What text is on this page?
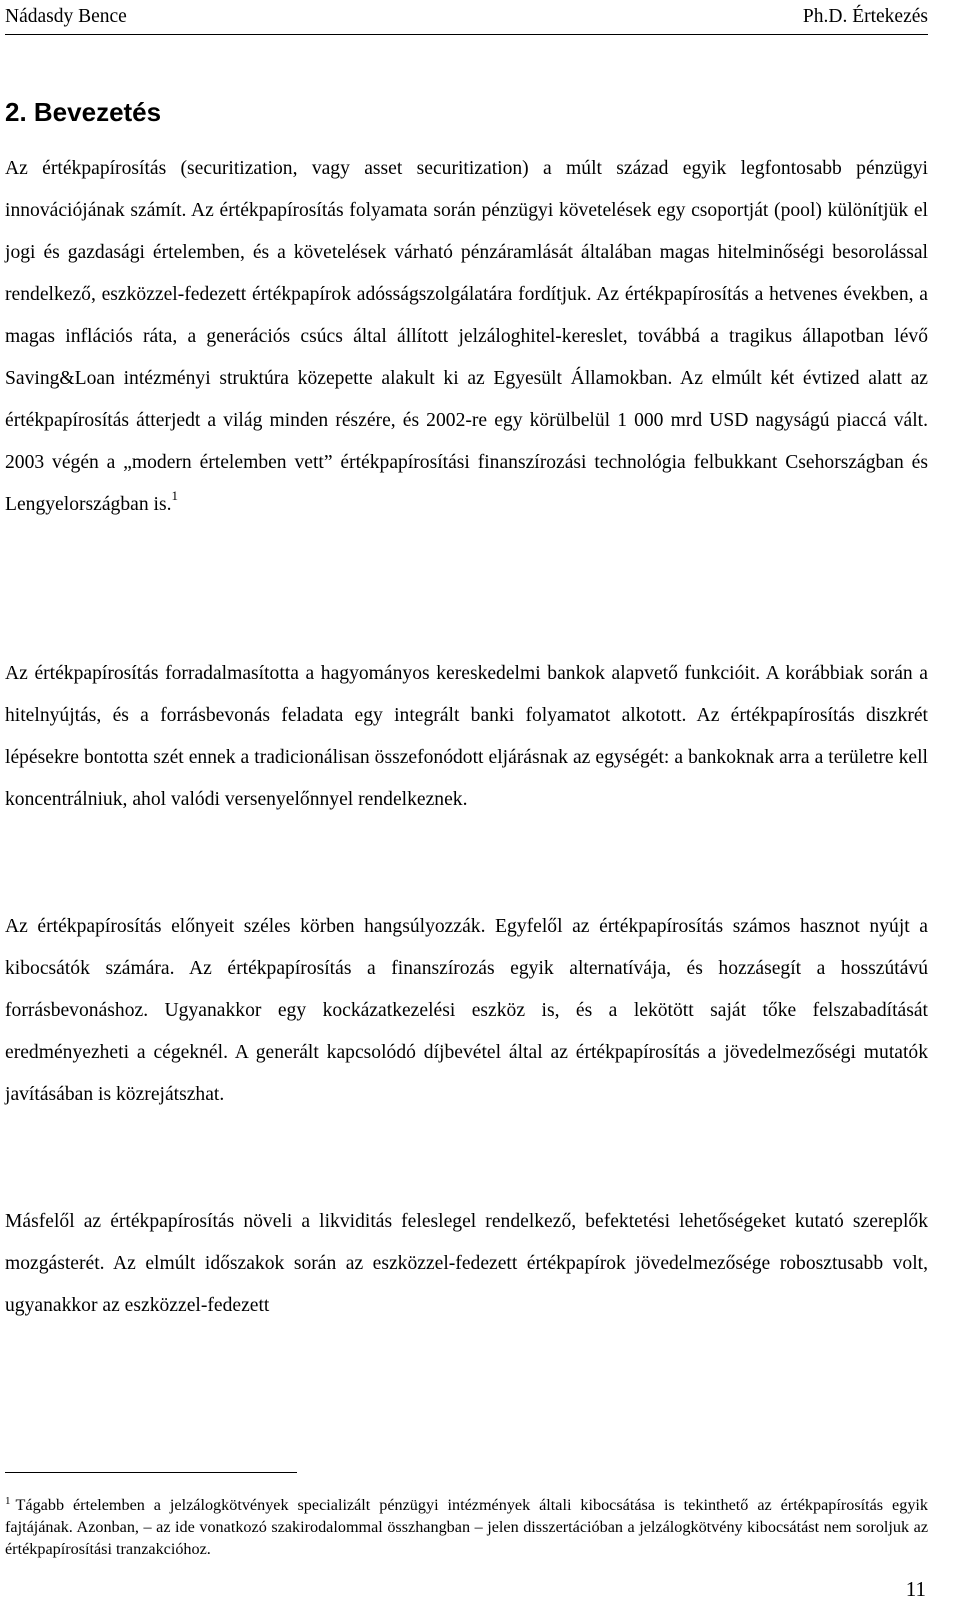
Nádasdy Bence	Ph.D. Értekezés
2. Bevezetés

Az értékpapírosítás (securitization, vagy asset securitization) a múlt század egyik legfontosabb pénzügyi innovációjának számít. Az értékpapírosítás folyamata során pénzügyi követelések egy csoportját (pool) különítjük el jogi és gazdasági értelemben, és a követelések várható pénzáramlását általában magas hitelminőségi besorolással rendelkező, eszközzel-fedezett értékpapírok adósságszolgálatára fordítjuk. Az értékpapírosítás a hetvenes években, a magas inflációs ráta, a generációs csúcs által állított jelzáloghitel-kereslet, továbbá a tragikus állapotban lévő Saving&Loan intézményi struktúra közepette alakult ki az Egyesült Államokban. Az elmúlt két évtized alatt az értékpapírosítás átterjedt a világ minden részére, és 2002-re egy körülbelül 1 000 mrd USD nagyságú piaccá vált. 2003 végén a „modern értelemben vett” értékpapírosítási finanszírozási technológia felbukkant Csehországban és Lengyelországban is.$^1$

Az értékpapírosítás forradalmasította a hagyományos kereskedelmi bankok alapvető funkcióit. A korábbiak során a hitelnyújtás, és a forrásbevonás feladata egy integrált banki folyamatot alkotott. Az értékpapírosítás diszkrét lépésekre bontotta szét ennek a tradicionálisan összefonódott eljárásnak az egységét: a bankoknak arra a területre kell koncentrálniuk, ahol valódi versenyelőnnyel rendelkeznek.

Az értékpapírosítás előnyeit széles körben hangsúlyozzák. Egyfelől az értékpapírosítás számos hasznot nyújt a kibocsátók számára. Az értékpapírosítás a finanszírozás egyik alternatívája, és hozzásegít a hosszútávú forrásbevonáshoz. Ugyanakkor egy kockázatkezelési eszköz is, és a lekötött saját tőke felszabadítását eredményezheti a cégeknél. A generált kapcsolódó díjbevétel által az értékpapírosítás a jövedelmezőségi mutatók javításában is közrejátszhat.

Másfelől az értékpapírosítás növeli a likviditás feleslegel rendelkező, befektetési lehetőségeket kutató szereplők mozgásterét. Az elmúlt időszakok során az eszközzel-fedezett értékpapírok jövedelmezősége robosztusabb volt, ugyanakkor az eszközzel-fedezett

$^1$ Tágabb értelemben a jelzálogkötvények specializált pénzügyi intézmények általi kibocsátása is tekinthető az értékpapírosítás egyik fajtájának. Azonban, – az ide vonatkozó szakirodalommal összhangban – jelen disszertációban a jelzálogkötvény kibocsátást nem soroljuk az értékpapírosítási tranzakcióhoz.

11
